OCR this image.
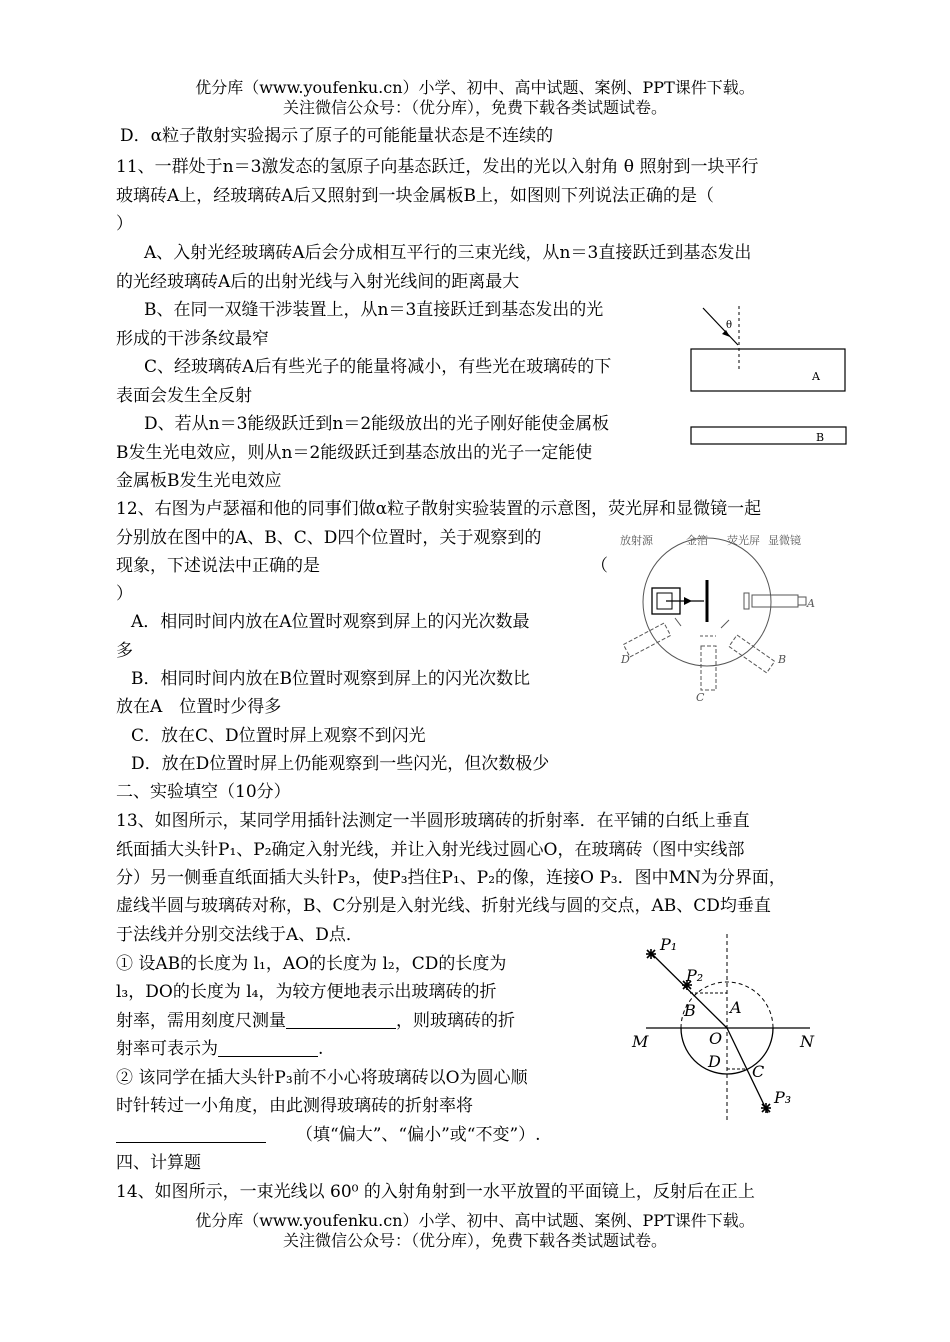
优分库（www.youfenku.cn）小学、初中、高中试题、案例、PPT课件下载。
关注微信公众号：（优分库），免费下载各类试题试卷。
D．α粒子散射实验揭示了原子的可能能量状态是不连续的
11、一群处于n＝3激发态的氢原子向基态跃迁，发出的光以入射角 θ 照射到一块平行
玻璃砖A上，经玻璃砖A后又照射到一块金属板B上，如图则下列说法正确的是（
）
A、入射光经玻璃砖A后会分成相互平行的三束光线，从n＝3直接跃迁到基态发出
的光经玻璃砖A后的出射光线与入射光线间的距离最大
B、在同一双缝干涉装置上，从n＝3直接跃迁到基态发出的光
形成的干涉条纹最窄
C、经玻璃砖A后有些光子的能量将减小，有些光在玻璃砖的下
表面会发生全反射
D、若从n＝3能级跃迁到n＝2能级放出的光子刚好能使金属板
B发生光电效应，则从n＝2能级跃迁到基态放出的光子一定能使
金属板B发生光电效应
θ
A
B
12、右图为卢瑟福和他的同事们做α粒子散射实验装置的示意图，荧光屏和显微镜一起
分别放在图中的A、B、C、D四个位置时，关于观察到的
现象，下述说法中正确的是	（
）
A．相同时间内放在A位置时观察到屏上的闪光次数最
多
B．相同时间内放在B位置时观察到屏上的闪光次数比
放在A　位置时少得多
C．放在C、D位置时屏上观察不到闪光
D．放在D位置时屏上仍能观察到一些闪光，但次数极少
放射源	金箔 荧光屏 显微镜
A
B
C
D
二、实验填空（10分）
13、如图所示，某同学用插针法测定一半圆形玻璃砖的折射率．在平铺的白纸上垂直
纸面插大头针P₁、P₂确定入射光线，并让入射光线过圆心O，在玻璃砖（图中实线部
分）另一侧垂直纸面插大头针P₃，使P₃挡住P₁、P₂的像，连接O P₃．图中MN为分界面，
虚线半圆与玻璃砖对称，B、C分别是入射光线、折射光线与圆的交点，AB、CD均垂直
于法线并分别交法线于A、D点．
① 设AB的长度为 l₁，AO的长度为 l₂，CD的长度为
l₃，DO的长度为 l₄，为较方便地表示出玻璃砖的折
射率，需用刻度尺测量	，则玻璃砖的折
射率可表示为	.
② 该同学在插大头针P₃前不小心将玻璃砖以O为圆心顺
时针转过一小角度，由此测得玻璃砖的折射率将
（填“偏大”、“偏小”或“不变”）.
P₁
P₂
A
B
O
M	N
D
C
P₃
四、计算题
14、如图所示，一束光线以 60⁰ 的入射角射到一水平放置的平面镜上，反射后在正上
优分库（www.youfenku.cn）小学、初中、高中试题、案例、PPT课件下载。
关注微信公众号：（优分库），免费下载各类试题试卷。
